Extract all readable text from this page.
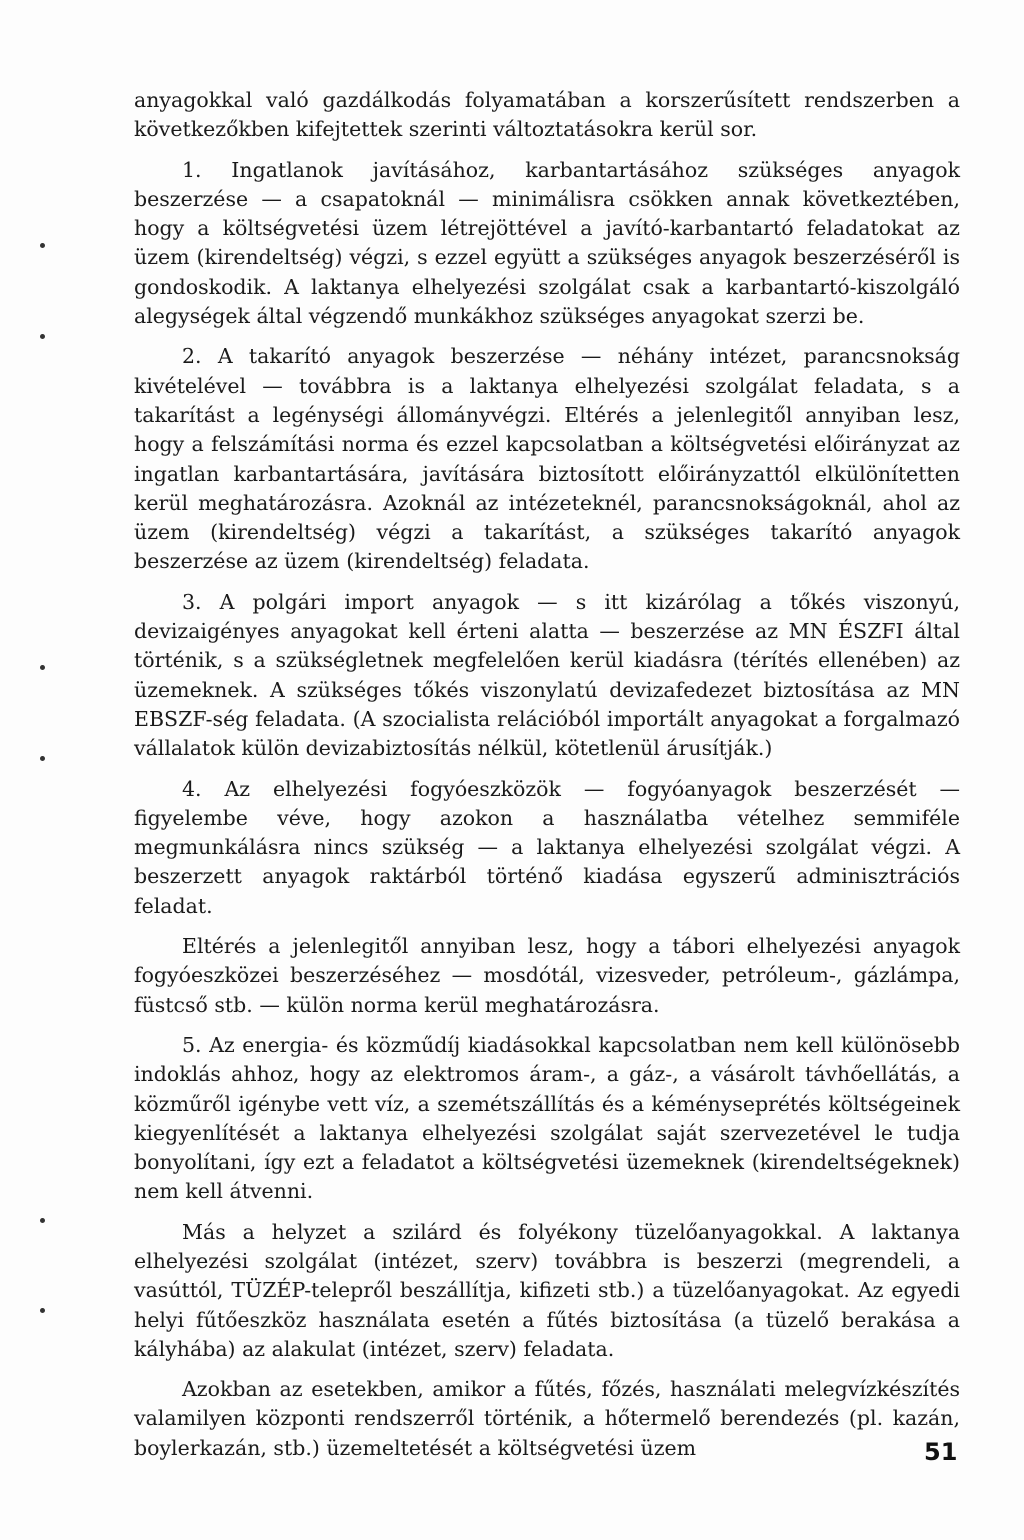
anyagokkal való gazdálkodás folyamatában a korszerűsített rendszerben a következőkben kifejtettek szerinti változtatásokra kerül sor.

1. Ingatlanok javításához, karbantartásához szükséges anyagok beszerzése — a csapatoknál — minimálisra csökken annak következtében, hogy a költségvetési üzem létrejöttével a javító-karbantartó feladatokat az üzem (kirendeltség) végzi, s ezzel együtt a szükséges anyagok beszerzéséről is gondoskodik. A laktanya elhelyezési szolgálat csak a karbantartó-kiszolgáló alegységek által végzendő munkákhoz szükséges anyagokat szerzi be.

2. A takarító anyagok beszerzése — néhány intézet, parancsnokság kivételével — továbbra is a laktanya elhelyezési szolgálat feladata, s a takarítást a legénységi állományvégzi. Eltérés a jelenlegitől annyiban lesz, hogy a felszámítási norma és ezzel kapcsolatban a költségvetési előirányzat az ingatlan karbantartására, javítására biztosított előirányzattól elkülönítetten kerül meghatározásra. Azoknál az intézeteknél, parancsnokságoknál, ahol az üzem (kirendeltség) végzi a takarítást, a szükséges takarító anyagok beszerzése az üzem (kirendeltség) feladata.

3. A polgári import anyagok — s itt kizárólag a tőkés viszonyú, devizaigényes anyagokat kell érteni alatta — beszerzése az MN ÉSZFI által történik, s a szükségletnek megfelelően kerül kiadásra (térítés ellenében) az üzemeknek. A szükséges tőkés viszonylatú devizafedezet biztosítása az MN EBSZF-ség feladata. (A szocialista relációból importált anyagokat a forgalmazó vállalatok külön devizabiztosítás nélkül, kötetlenül árusítják.)

4. Az elhelyezési fogyóeszközök — fogyóanyagok beszerzését — figyelembe véve, hogy azokon a használatba vételhez semmiféle megmunkálásra nincs szükség — a laktanya elhelyezési szolgálat végzi. A beszerzett anyagok raktárból történő kiadása egyszerű adminisztrációs feladat.

Eltérés a jelenlegitől annyiban lesz, hogy a tábori elhelyezési anyagok fogyóeszközei beszerzéséhez — mosdótál, vizesveder, petróleum-, gázlámpa, füstcső stb. — külön norma kerül meghatározásra.

5. Az energia- és közműdíj kiadásokkal kapcsolatban nem kell különösebb indoklás ahhoz, hogy az elektromos áram-, a gáz-, a vásárolt távhőellátás, a közműről igénybe vett víz, a szemétszállítás és a kéményseprétés költségeinek kiegyenlítését a laktanya elhelyezési szolgálat saját szervezetével le tudja bonyolítani, így ezt a feladatot a költségvetési üzemeknek (kirendeltségeknek) nem kell átvenni.

Más a helyzet a szilárd és folyékony tüzelőanyagokkal. A laktanya elhelyezési szolgálat (intézet, szerv) továbbra is beszerzi (megrendeli, a vasúttól, TÜZÉP-telepről beszállítja, kifizeti stb.) a tüzelőanyagokat. Az egyedi helyi fűtőeszköz használata esetén a fűtés biztosítása (a tüzelő berakása a kályhába) az alakulat (intézet, szerv) feladata.

Azokban az esetekben, amikor a fűtés, főzés, használati melegvízkészítés valamilyen központi rendszerről történik, a hőtermelő berendezés (pl. kazán, boylerkazán, stb.) üzemeltetését a költségvetési üzem	51
